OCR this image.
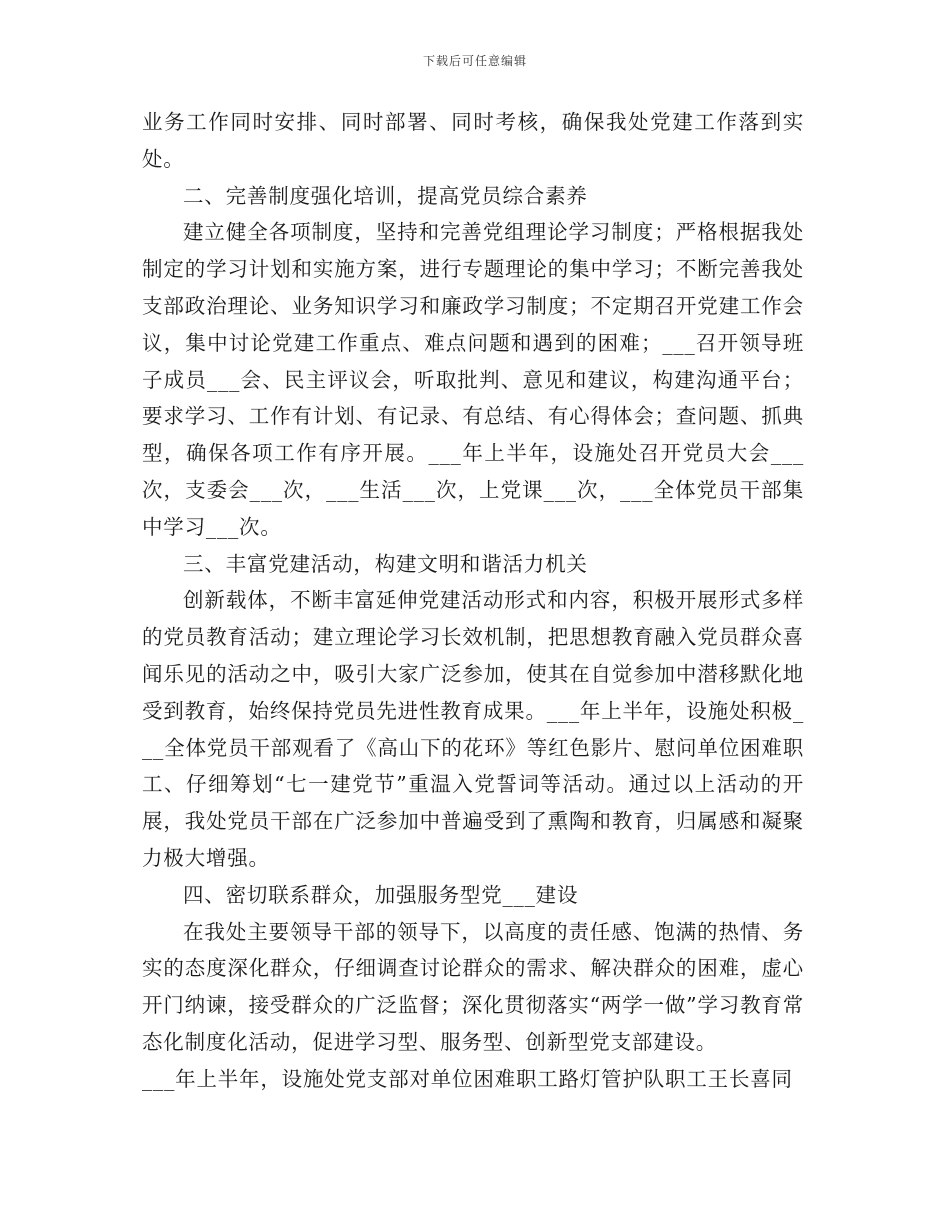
下载后可任意编辑

业务工作同时安排、同时部署、同时考核，确保我处党建工作落到实处。

二、完善制度强化培训，提高党员综合素养

建立健全各项制度，坚持和完善党组理论学习制度；严格根据我处制定的学习计划和实施方案，进行专题理论的集中学习；不断完善我处支部政治理论、业务知识学习和廉政学习制度；不定期召开党建工作会议，集中讨论党建工作重点、难点问题和遇到的困难；___召开领导班子成员___会、民主评议会，听取批判、意见和建议，构建沟通平台；要求学习、工作有计划、有记录、有总结、有心得体会；查问题、抓典型，确保各项工作有序开展。___年上半年，设施处召开党员大会___次，支委会___次，___生活___次，上党课___次，___全体党员干部集中学习___次。

三、丰富党建活动，构建文明和谐活力机关

创新载体，不断丰富延伸党建活动形式和内容，积极开展形式多样的党员教育活动；建立理论学习长效机制，把思想教育融入党员群众喜闻乐见的活动之中，吸引大家广泛参加，使其在自觉参加中潜移默化地受到教育，始终保持党员先进性教育成果。___年上半年，设施处积极___全体党员干部观看了《高山下的花环》等红色影片、慰问单位困难职工、仔细筹划“七一建党节”重温入党誓词等活动。通过以上活动的开展，我处党员干部在广泛参加中普遍受到了熏陶和教育，归属感和凝聚力极大增强。

四、密切联系群众，加强服务型党___建设

在我处主要领导干部的领导下，以高度的责任感、饱满的热情、务实的态度深化群众，仔细调查讨论群众的需求、解决群众的困难，虚心开门纳谏，接受群众的广泛监督；深化贯彻落实“两学一做”学习教育常态化制度化活动，促进学习型、服务型、创新型党支部建设。

___年上半年，设施处党支部对单位困难职工路灯管护队职工王长喜同
